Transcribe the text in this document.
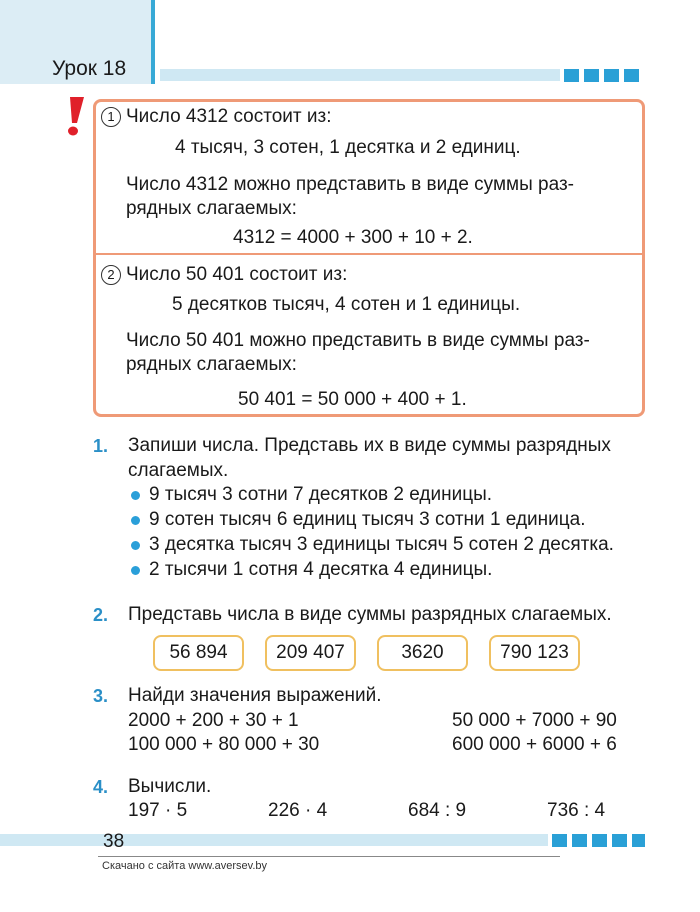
Урок 18
1 Число 4312 состоит из:
4 тысяч, 3 сотен, 1 десятка и 2 единиц.
Число 4312 можно представить в виде суммы раз-
рядных слагаемых:
4312 = 4000 + 300 + 10 + 2.
2 Число 50 401 состоит из:
5 десятков тысяч, 4 сотен и 1 единицы.
Число 50 401 можно представить в виде суммы раз-
рядных слагаемых:
50 401 = 50 000 + 400 + 1.
1. Запиши числа. Представь их в виде суммы разрядных
слагаемых.
9 тысяч 3 сотни 7 десятков 2 единицы.
9 сотен тысяч 6 единиц тысяч 3 сотни 1 единица.
3 десятка тысяч 3 единицы тысяч 5 сотен 2 десятка.
2 тысячи 1 сотня 4 десятка 4 единицы.
2. Представь числа в виде суммы разрядных слагаемых.
56 894	209 407	3620	790 123
3. Найди значения выражений.
2000 + 200 + 30 + 1	50 000 + 7000 + 90
100 000 + 80 000 + 30	600 000 + 6000 + 6
4. Вычисли.
197 · 5	226 · 4	684 : 9	736 : 4
38
Скачано с сайта www.aversev.by
